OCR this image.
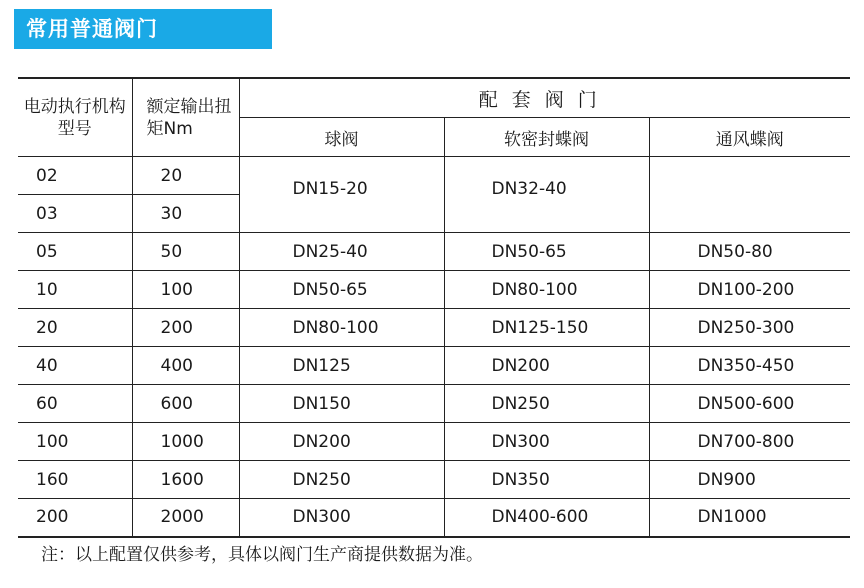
常用普通阀门
电动执行机构型号	额定输出扭矩Nm	配套阀门		
		球阀	软密封蝶阀	通风蝶阀
02	20	DN15-20	DN32-40	
03	30			
05	50	DN25-40	DN50-65	DN50-80
10	100	DN50-65	DN80-100	DN100-200
20	200	DN80-100	DN125-150	DN250-300
40	400	DN125	DN200	DN350-450
60	600	DN150	DN250	DN500-600
100	1000	DN200	DN300	DN700-800
160	1600	DN250	DN350	DN900
200	2000	DN300	DN400-600	DN1000
注：以上配置仅供参考，具体以阀门生产商提供数据为准。
